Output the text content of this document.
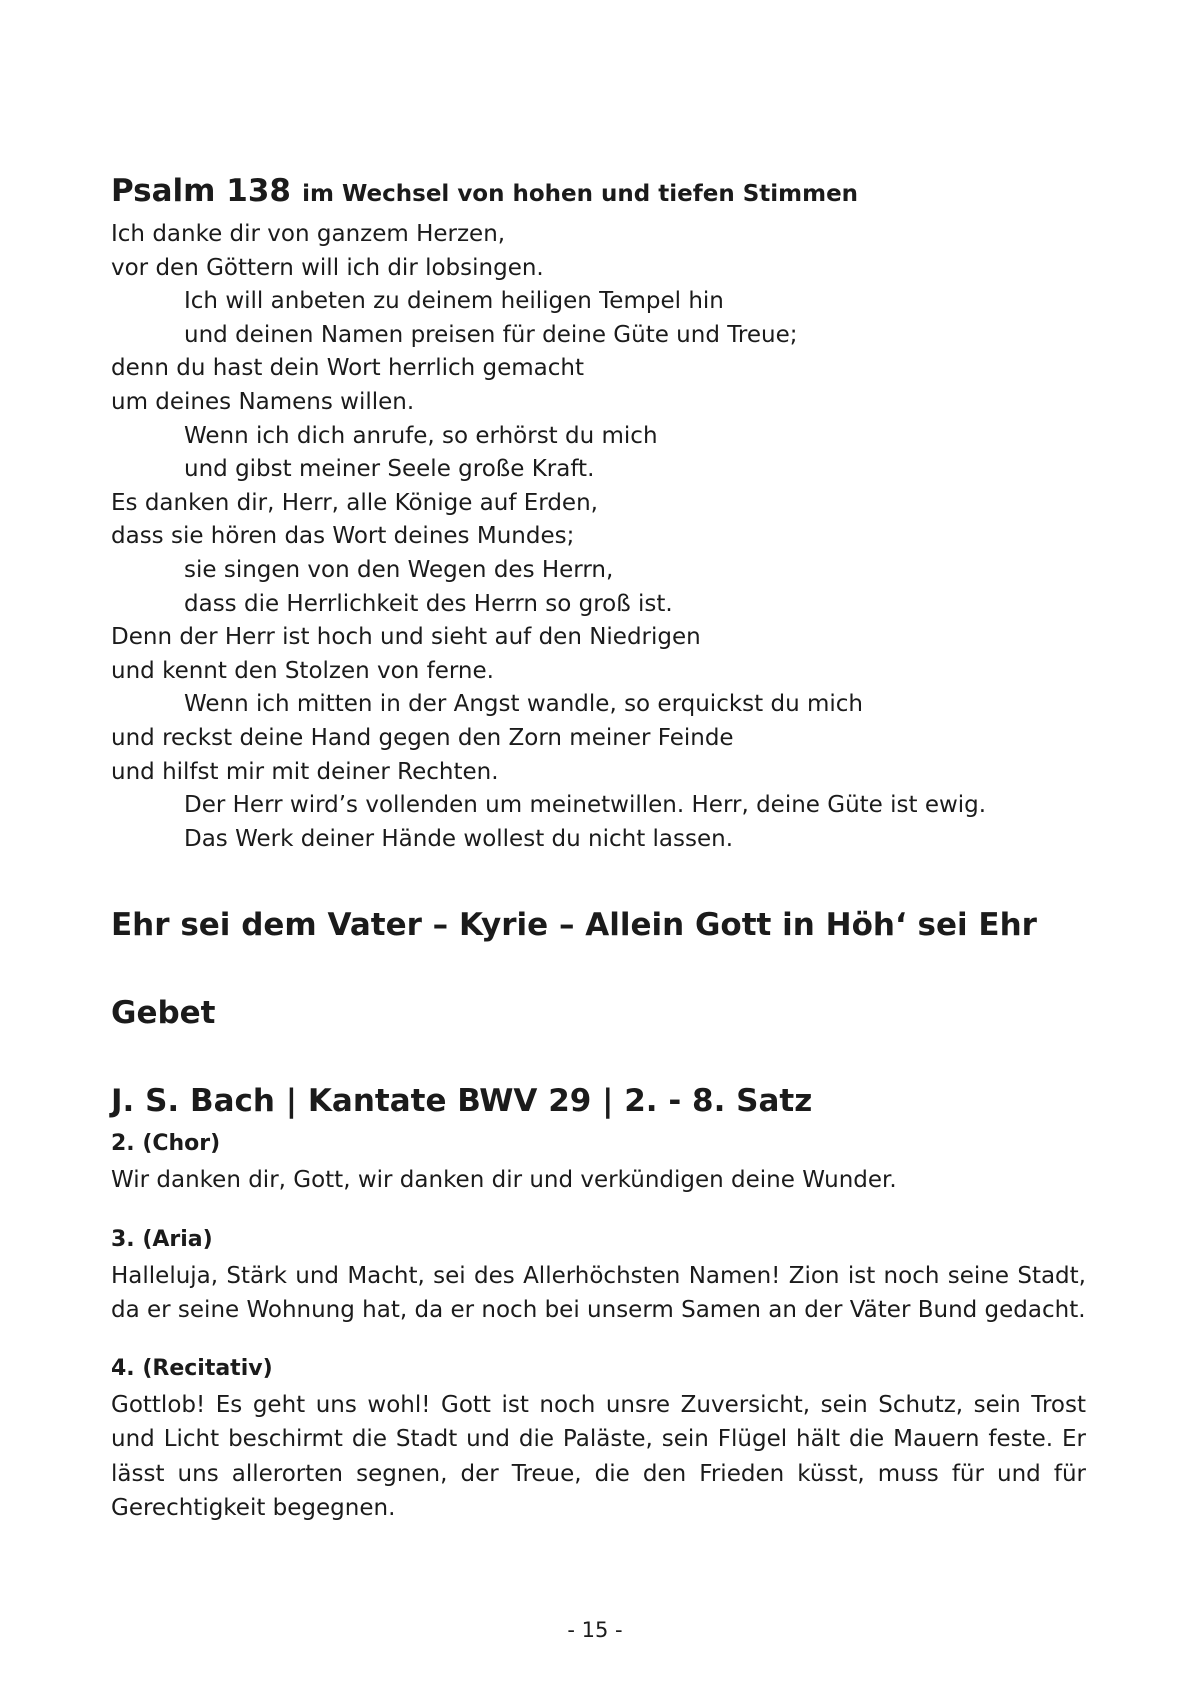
Psalm 138 im Wechsel von hohen und tiefen Stimmen
Ich danke dir von ganzem Herzen,
vor den Göttern will ich dir lobsingen.
Ich will anbeten zu deinem heiligen Tempel hin
und deinen Namen preisen für deine Güte und Treue;
denn du hast dein Wort herrlich gemacht
um deines Namens willen.
Wenn ich dich anrufe, so erhörst du mich
und gibst meiner Seele große Kraft.
Es danken dir, Herr, alle Könige auf Erden,
dass sie hören das Wort deines Mundes;
sie singen von den Wegen des Herrn,
dass die Herrlichkeit des Herrn so groß ist.
Denn der Herr ist hoch und sieht auf den Niedrigen
und kennt den Stolzen von ferne.
Wenn ich mitten in der Angst wandle, so erquickst du mich
und reckst deine Hand gegen den Zorn meiner Feinde
und hilfst mir mit deiner Rechten.
Der Herr wird’s vollenden um meinetwillen. Herr, deine Güte ist ewig.
Das Werk deiner Hände wollest du nicht lassen.
Ehr sei dem Vater – Kyrie – Allein Gott in Höh‘ sei Ehr
Gebet
J. S. Bach | Kantate BWV 29 | 2. - 8. Satz
2. (Chor)

Wir danken dir, Gott, wir danken dir und verkündigen deine Wunder.

3. (Aria)

Halleluja, Stärk und Macht, sei des Allerhöchsten Namen! Zion ist noch seine Stadt, da er seine Wohnung hat, da er noch bei unserm Samen an der Väter Bund gedacht.

4. (Recitativ)

Gottlob! Es geht uns wohl! Gott ist noch unsre Zuversicht, sein Schutz, sein Trost und Licht beschirmt die Stadt und die Paläste, sein Flügel hält die Mauern feste. Er lässt uns allerorten segnen, der Treue, die den Frieden küsst, muss für und für Gerechtigkeit begegnen.

- 15 -
